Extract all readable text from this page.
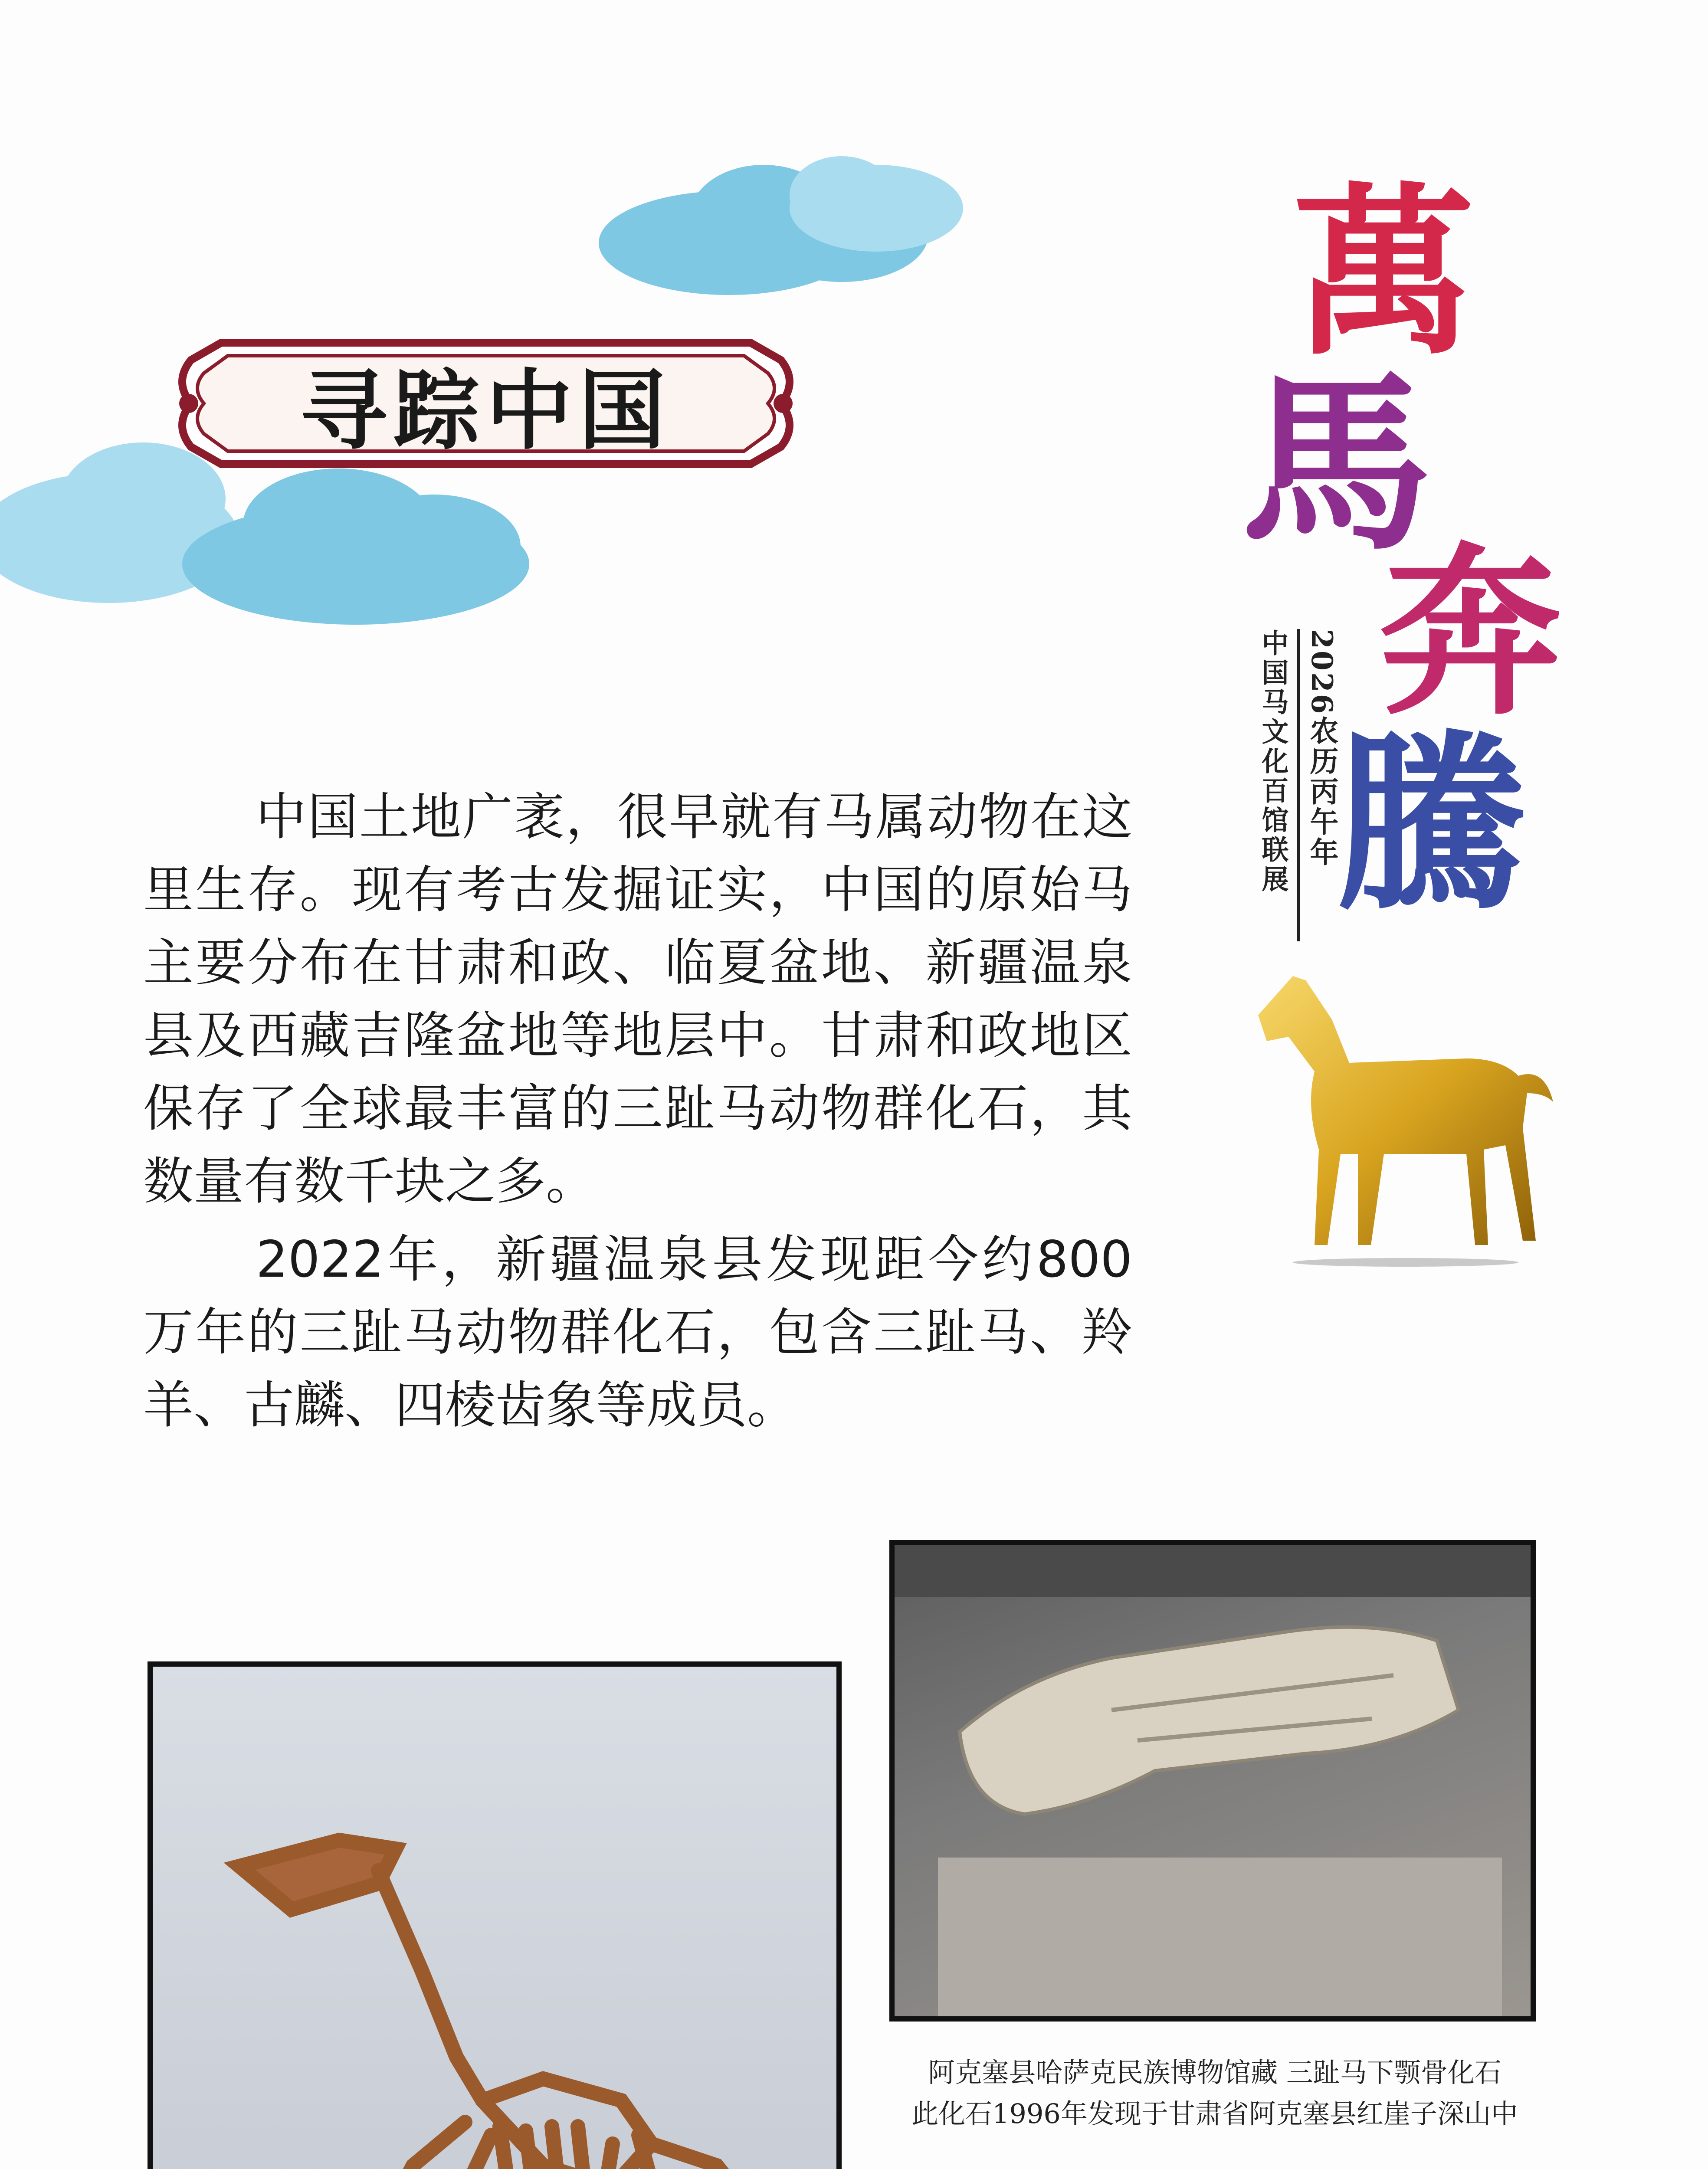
寻踪中国
萬
馬
奔
騰
2026农历丙午年
中国马文化百馆联展

中国土地广袤，很早就有马属动物在这里生存。现有考古发掘证实，中国的原始马主要分布在甘肃和政、临夏盆地、新疆温泉县及西藏吉隆盆地等地层中。甘肃和政地区保存了全球最丰富的三趾马动物群化石，其数量有数千块之多。

2022年，新疆温泉县发现距今约800万年的三趾马动物群化石，包含三趾马、羚羊、古麟、四棱齿象等成员。

阿克塞县哈萨克民族博物馆藏 三趾马下颚骨化石
此化石1996年发现于甘肃省阿克塞县红崖子深山中
